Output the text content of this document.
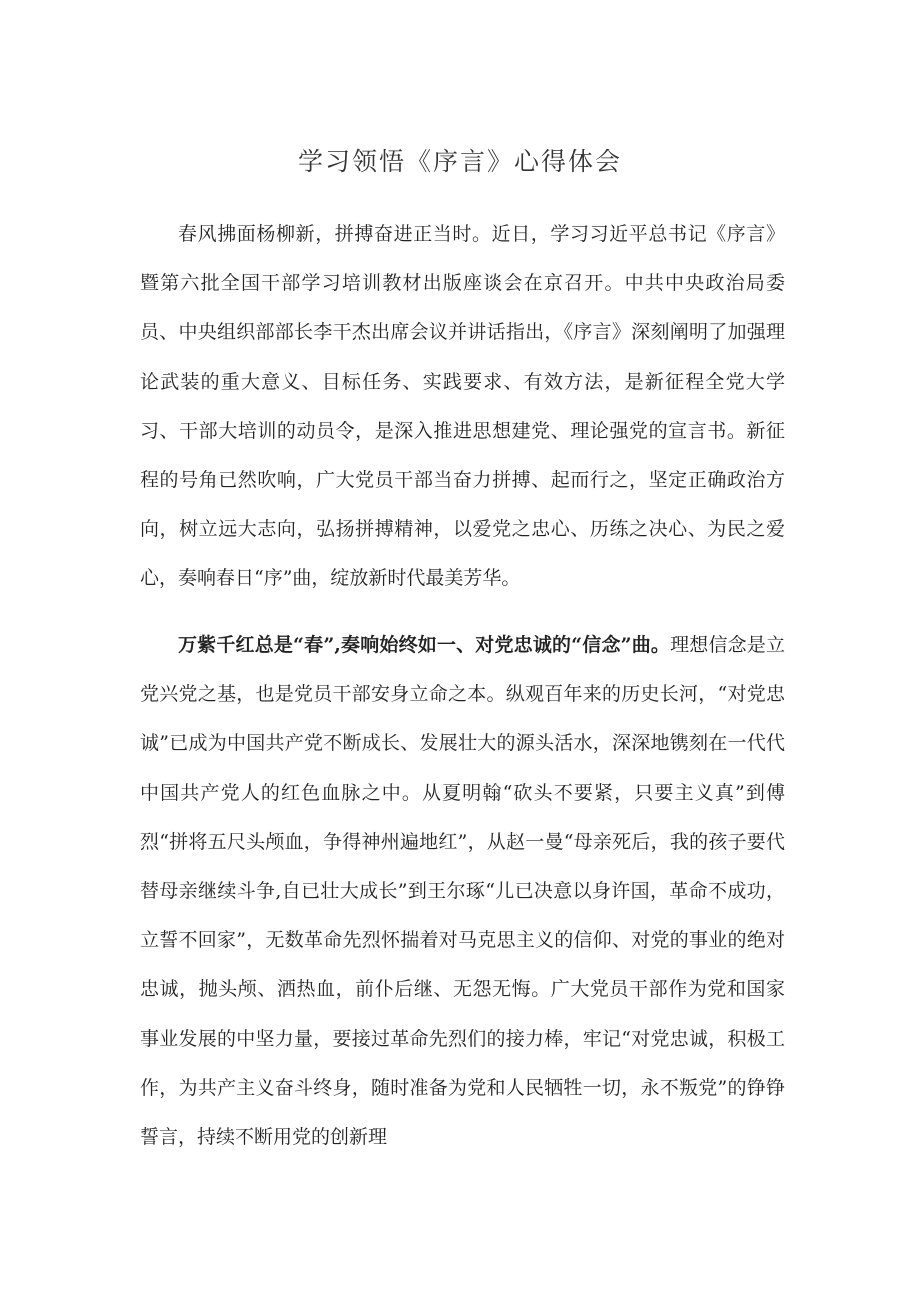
学习领悟《序言》心得体会

春风拂面杨柳新，拼搏奋进正当时。近日，学习习近平总书记《序言》暨第六批全国干部学习培训教材出版座谈会在京召开。中共中央政治局委员、中央组织部部长李干杰出席会议并讲话指出，《序言》深刻阐明了加强理论武装的重大意义、目标任务、实践要求、有效方法，是新征程全党大学习、干部大培训的动员令，是深入推进思想建党、理论强党的宣言书。新征程的号角已然吹响，广大党员干部当奋力拼搏、起而行之，坚定正确政治方向，树立远大志向，弘扬拼搏精神，以爱党之忠心、历练之决心、为民之爱心，奏响春日“序”曲，绽放新时代最美芳华。

万紫千红总是“春”,奏响始终如一、对党忠诚的“信念”曲。理想信念是立党兴党之基，也是党员干部安身立命之本。纵观百年来的历史长河，“对党忠诚”已成为中国共产党不断成长、发展壮大的源头活水，深深地镌刻在一代代中国共产党人的红色血脉之中。从夏明翰“砍头不要紧，只要主义真”到傅烈“拼将五尺头颅血，争得神州遍地红”，从赵一曼“母亲死后，我的孩子要代替母亲继续斗争,自已壮大成长”到王尔琢“儿已决意以身许国，革命不成功，立誓不回家”，无数革命先烈怀揣着对马克思主义的信仰、对党的事业的绝对忠诚，抛头颅、洒热血，前仆后继、无怨无悔。广大党员干部作为党和国家事业发展的中坚力量，要接过革命先烈们的接力棒，牢记“对党忠诚，积极工作，为共产主义奋斗终身，随时准备为党和人民牺牲一切，永不叛党”的铮铮誓言，持续不断用党的创新理
